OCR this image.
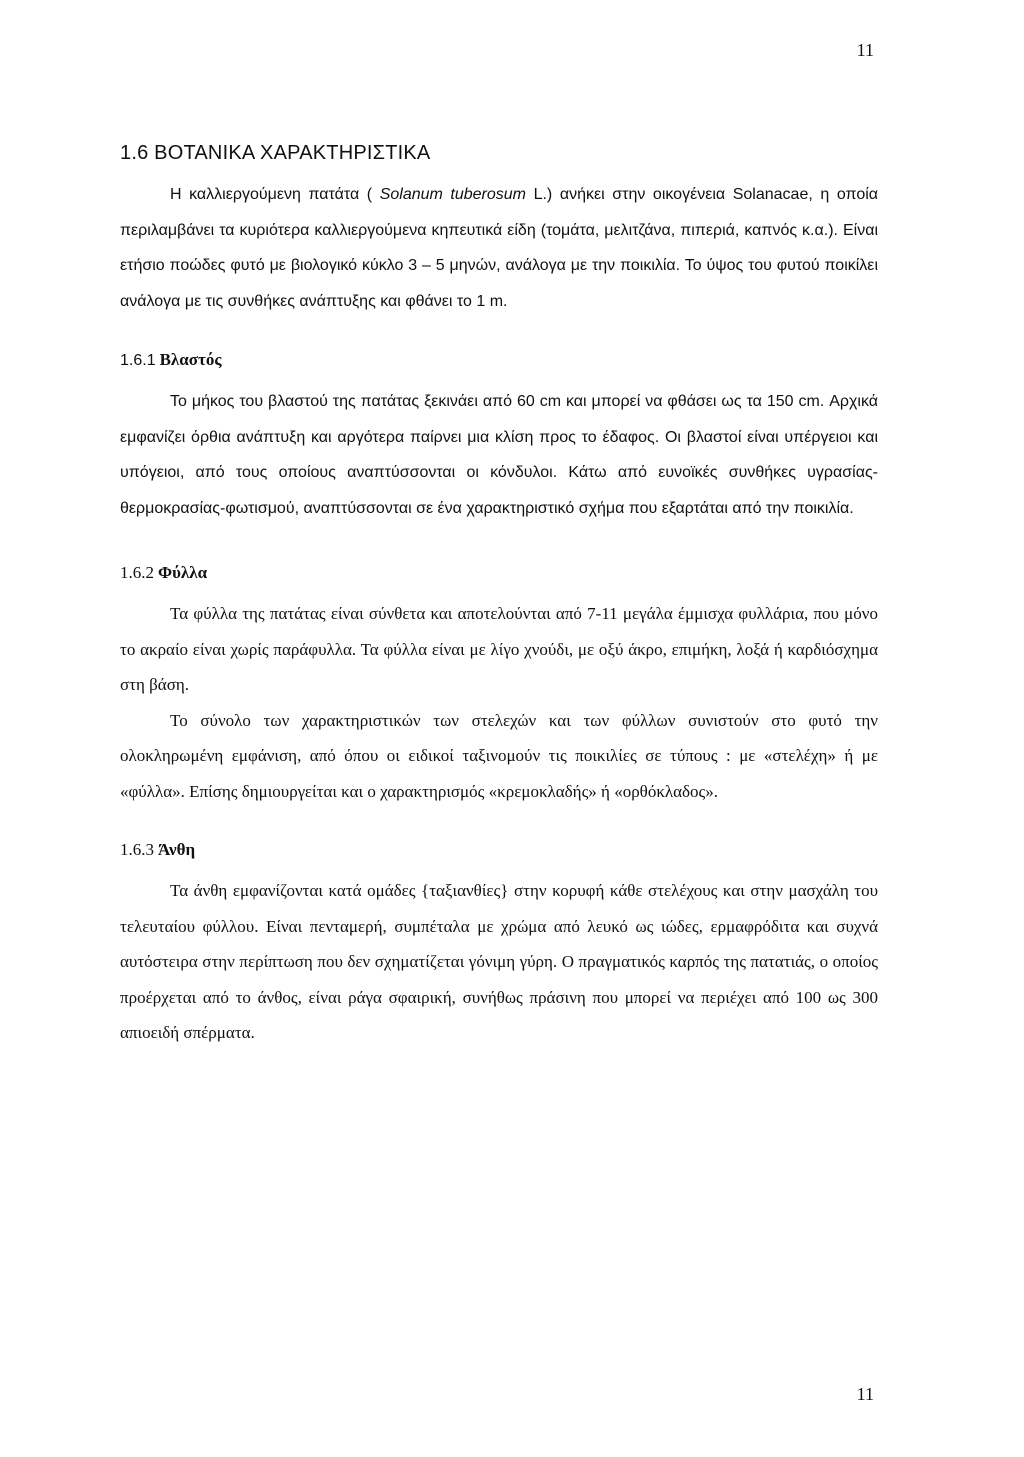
11
1.6 ΒΟΤΑΝΙΚΑ ΧΑΡΑΚΤΗΡΙΣΤΙΚΑ

Η καλλιεργούμενη πατάτα ( Solanum tuberosum L.) ανήκει στην οικογένεια Solanacae, η οποία περιλαμβάνει τα κυριότερα καλλιεργούμενα κηπευτικά είδη (τομάτα, μελιτζάνα, πιπεριά, καπνός κ.α.). Είναι ετήσιο ποώδες φυτό με βιολογικό κύκλο 3 – 5 μηνών, ανάλογα με την ποικιλία. Το ύψος του φυτού ποικίλει ανάλογα με τις συνθήκες ανάπτυξης και φθάνει το 1 m.

1.6.1 Βλαστός

Το μήκος του βλαστού της πατάτας ξεκινάει από 60 cm και μπορεί να φθάσει ως τα 150 cm. Αρχικά εμφανίζει όρθια ανάπτυξη και αργότερα παίρνει μια κλίση προς το έδαφος. Οι βλαστοί είναι υπέργειοι και υπόγειοι, από τους οποίους αναπτύσσονται οι κόνδυλοι. Κάτω από ευνοϊκές συνθήκες υγρασίας-θερμοκρασίας-φωτισμού, αναπτύσσονται σε ένα χαρακτηριστικό σχήμα που εξαρτάται από την ποικιλία.

1.6.2 Φύλλα

Τα φύλλα της πατάτας είναι σύνθετα και αποτελούνται από 7-11 μεγάλα έμμισχα φυλλάρια, που μόνο το ακραίο είναι χωρίς παράφυλλα. Τα φύλλα είναι με λίγο χνούδι, με οξύ άκρο, επιμήκη, λοξά ή καρδιόσχημα στη βάση.

Το σύνολο των χαρακτηριστικών των στελεχών και των φύλλων συνιστούν στο φυτό την ολοκληρωμένη εμφάνιση, από όπου οι ειδικοί ταξινομούν τις ποικιλίες σε τύπους : με «στελέχη» ή με «φύλλα». Επίσης δημιουργείται και ο χαρακτηρισμός «κρεμοκλαδής» ή «ορθόκλαδος».

1.6.3 Άνθη

Τα άνθη εμφανίζονται κατά ομάδες {ταξιανθίες} στην κορυφή κάθε στελέχους και στην μασχάλη του τελευταίου φύλλου. Είναι πενταμερή, συμπέταλα με χρώμα από λευκό ως ιώδες, ερμαφρόδιτα και συχνά αυτόστειρα στην περίπτωση που δεν σχηματίζεται γόνιμη γύρη. Ο πραγματικός καρπός της πατατιάς, ο οποίος προέρχεται από το άνθος, είναι ράγα σφαιρική, συνήθως πράσινη που μπορεί να περιέχει από 100 ως 300 απιοειδή σπέρματα.

11
